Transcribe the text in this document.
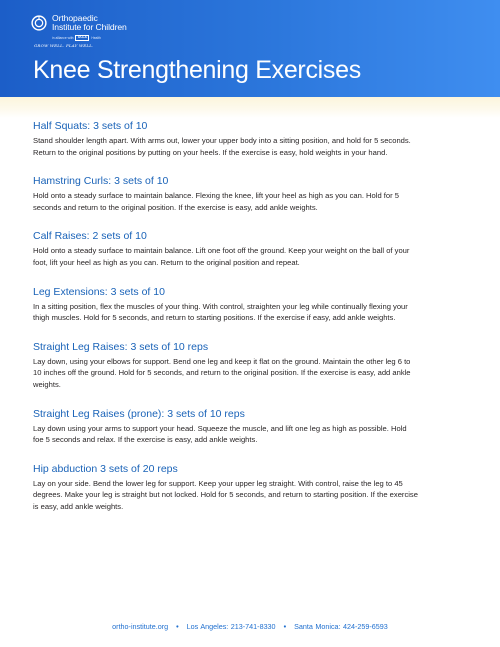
Orthopaedic
Institute for Children
in alliance with	UCLA	Health
GROW WELL. PLAY WELL.
Knee Strengthening Exercises
Half Squats: 3 sets of 10

Stand shoulder length apart. With arms out, lower your upper body into a sitting position, and hold for 5 seconds. Return to the original positions by putting on your heels. If the exercise is easy, hold weights in your hand.

Hamstring Curls: 3 sets of 10

Hold onto a steady surface to maintain balance. Flexing the knee, lift your heel as high as you can. Hold for 5 seconds and return to the original position. If the exercise is easy, add ankle weights.

Calf Raises: 2 sets of 10

Hold onto a steady surface to maintain balance. Lift one foot off the ground. Keep your weight on the ball of your foot, lift your heel as high as you can. Return to the original position and repeat.

Leg Extensions: 3 sets of 10

In a sitting position, flex the muscles of your thing. With control, straighten your leg while continually flexing your thigh muscles. Hold for 5 seconds, and return to starting positions. If the exercise if easy, add ankle weights.

Straight Leg Raises: 3 sets of 10 reps

Lay down, using your elbows for support. Bend one leg and keep it flat on the ground. Maintain the other leg 6 to 10 inches off the ground. Hold for 5 seconds, and return to the original position. If the exercise is easy, add ankle weights.

Straight Leg Raises (prone): 3 sets of 10 reps

Lay down using your arms to support your head. Squeeze the muscle, and lift one leg as high as possible. Hold foe 5 seconds and relax. If the exercise is easy, add ankle weights.

Hip abduction 3 sets of 20 reps

Lay on your side. Bend the lower leg for support. Keep your upper leg straight. With control, raise the leg to 45 degrees. Make your leg is straight but not locked. Hold for 5 seconds, and return to starting position. If the exercise is easy, add ankle weights.

ortho-institute.org • Los Angeles: 213-741-8330 • Santa Monica: 424-259-6593
